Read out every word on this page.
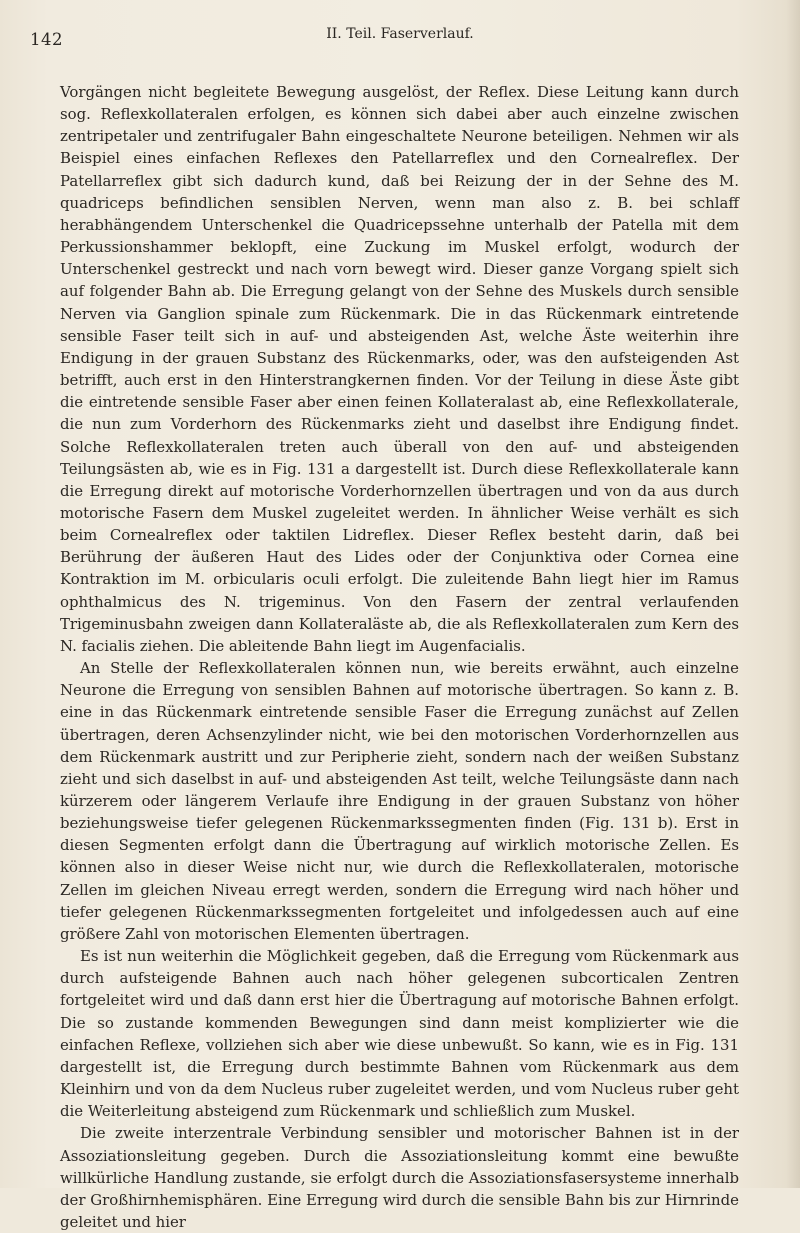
142	II. Teil. Faserverlauf.

Vorgängen nicht begleitete Bewegung ausgelöst, der Reflex. Diese Leitung kann durch sog. Reflexkollateralen erfolgen, es können sich dabei aber auch einzelne zwischen zentripetaler und zentrifugaler Bahn eingeschaltete Neurone beteiligen. Nehmen wir als Beispiel eines einfachen Reflexes den Patellarreflex und den Cornealreflex. Der Patellarreflex gibt sich dadurch kund, daß bei Reizung der in der Sehne des M. quadriceps befindlichen sensiblen Nerven, wenn man also z. B. bei schlaff herabhängendem Unterschenkel die Quadricepssehne unterhalb der Patella mit dem Perkussionshammer beklopft, eine Zuckung im Muskel erfolgt, wodurch der Unterschenkel gestreckt und nach vorn bewegt wird. Dieser ganze Vorgang spielt sich auf folgender Bahn ab. Die Erregung gelangt von der Sehne des Muskels durch sensible Nerven via Ganglion spinale zum Rückenmark. Die in das Rückenmark eintretende sensible Faser teilt sich in auf- und absteigenden Ast, welche Äste weiterhin ihre Endigung in der grauen Substanz des Rückenmarks, oder, was den aufsteigenden Ast betrifft, auch erst in den Hinterstrangkernen finden. Vor der Teilung in diese Äste gibt die eintretende sensible Faser aber einen feinen Kollateralast ab, eine Reflexkollaterale, die nun zum Vorderhorn des Rückenmarks zieht und daselbst ihre Endigung findet. Solche Reflexkollateralen treten auch überall von den auf- und absteigenden Teilungsästen ab, wie es in Fig. 131 a dargestellt ist. Durch diese Reflexkollaterale kann die Erregung direkt auf motorische Vorderhornzellen übertragen und von da aus durch motorische Fasern dem Muskel zugeleitet werden. In ähnlicher Weise verhält es sich beim Cornealreflex oder taktilen Lidreflex. Dieser Reflex besteht darin, daß bei Berührung der äußeren Haut des Lides oder der Conjunktiva oder Cornea eine Kontraktion im M. orbicularis oculi erfolgt. Die zuleitende Bahn liegt hier im Ramus ophthalmicus des N. trigeminus. Von den Fasern der zentral verlaufenden Trigeminusbahn zweigen dann Kollateraläste ab, die als Reflexkollateralen zum Kern des N. facialis ziehen. Die ableitende Bahn liegt im Augenfacialis.

An Stelle der Reflexkollateralen können nun, wie bereits erwähnt, auch einzelne Neurone die Erregung von sensiblen Bahnen auf motorische übertragen. So kann z. B. eine in das Rückenmark eintretende sensible Faser die Erregung zunächst auf Zellen übertragen, deren Achsenzylinder nicht, wie bei den motorischen Vorderhornzellen aus dem Rückenmark austritt und zur Peripherie zieht, sondern nach der weißen Substanz zieht und sich daselbst in auf- und absteigenden Ast teilt, welche Teilungsäste dann nach kürzerem oder längerem Verlaufe ihre Endigung in der grauen Substanz von höher beziehungsweise tiefer gelegenen Rückenmarkssegmenten finden (Fig. 131 b). Erst in diesen Segmenten erfolgt dann die Übertragung auf wirklich motorische Zellen. Es können also in dieser Weise nicht nur, wie durch die Reflexkollateralen, motorische Zellen im gleichen Niveau erregt werden, sondern die Erregung wird nach höher und tiefer gelegenen Rückenmarkssegmenten fortgeleitet und infolgedessen auch auf eine größere Zahl von motorischen Elementen übertragen.

Es ist nun weiterhin die Möglichkeit gegeben, daß die Erregung vom Rückenmark aus durch aufsteigende Bahnen auch nach höher gelegenen subcorticalen Zentren fortgeleitet wird und daß dann erst hier die Übertragung auf motorische Bahnen erfolgt. Die so zustande kommenden Bewegungen sind dann meist komplizierter wie die einfachen Reflexe, vollziehen sich aber wie diese unbewußt. So kann, wie es in Fig. 131 dargestellt ist, die Erregung durch bestimmte Bahnen vom Rückenmark aus dem Kleinhirn und von da dem Nucleus ruber zugeleitet werden, und vom Nucleus ruber geht die Weiterleitung absteigend zum Rückenmark und schließlich zum Muskel.

Die zweite interzentrale Verbindung sensibler und motorischer Bahnen ist in der Assoziationsleitung gegeben. Durch die Assoziationsleitung kommt eine bewußte willkürliche Handlung zustande, sie erfolgt durch die Assoziationsfasersysteme innerhalb der Großhirnhemisphären. Eine Erregung wird durch die sensible Bahn bis zur Hirnrinde geleitet und hier
